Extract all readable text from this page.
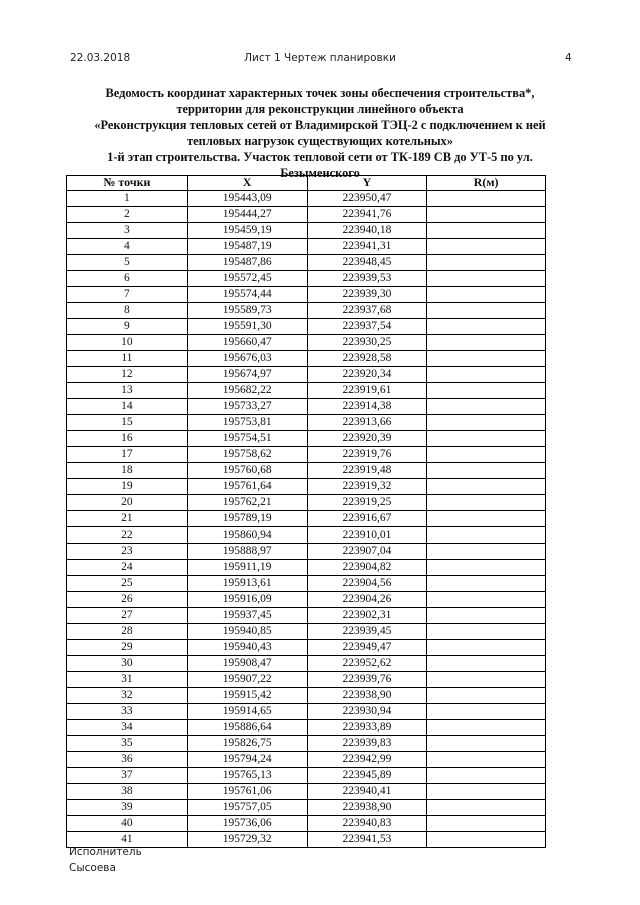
22.03.2018	Лист 1 Чертеж планировки	4
Ведомость координат характерных точек зоны обеспечения строительства*,
территории для реконструкции линейного объекта
«Реконструкция тепловых сетей от Владимирской ТЭЦ-2 с подключением к ней
тепловых нагрузок существующих котельных»
1-й этап строительства. Участок тепловой сети от ТК-189 СВ до УТ-5 по ул.
Безыменского
№ точки	X	Y	R(м)
1	195443,09	223950,47	
2	195444,27	223941,76	
3	195459,19	223940,18	
4	195487,19	223941,31	
5	195487,86	223948,45	
6	195572,45	223939,53	
7	195574,44	223939,30	
8	195589,73	223937,68	
9	195591,30	223937,54	
10	195660,47	223930,25	
11	195676,03	223928,58	
12	195674,97	223920,34	
13	195682,22	223919,61	
14	195733,27	223914,38	
15	195753,81	223913,66	
16	195754,51	223920,39	
17	195758,62	223919,76	
18	195760,68	223919,48	
19	195761,64	223919,32	
20	195762,21	223919,25	
21	195789,19	223916,67	
22	195860,94	223910,01	
23	195888,97	223907,04	
24	195911,19	223904,82	
25	195913,61	223904,56	
26	195916,09	223904,26	
27	195937,45	223902,31	
28	195940,85	223939,45	
29	195940,43	223949,47	
30	195908,47	223952,62	
31	195907,22	223939,76	
32	195915,42	223938,90	
33	195914,65	223930,94	
34	195886,64	223933,89	
35	195826,75	223939,83	
36	195794,24	223942,99	
37	195765,13	223945,89	
38	195761,06	223940,41	
39	195757,05	223938,90	
40	195736,06	223940,83	
41	195729,32	223941,53	
Исполнитель
Сысоева
